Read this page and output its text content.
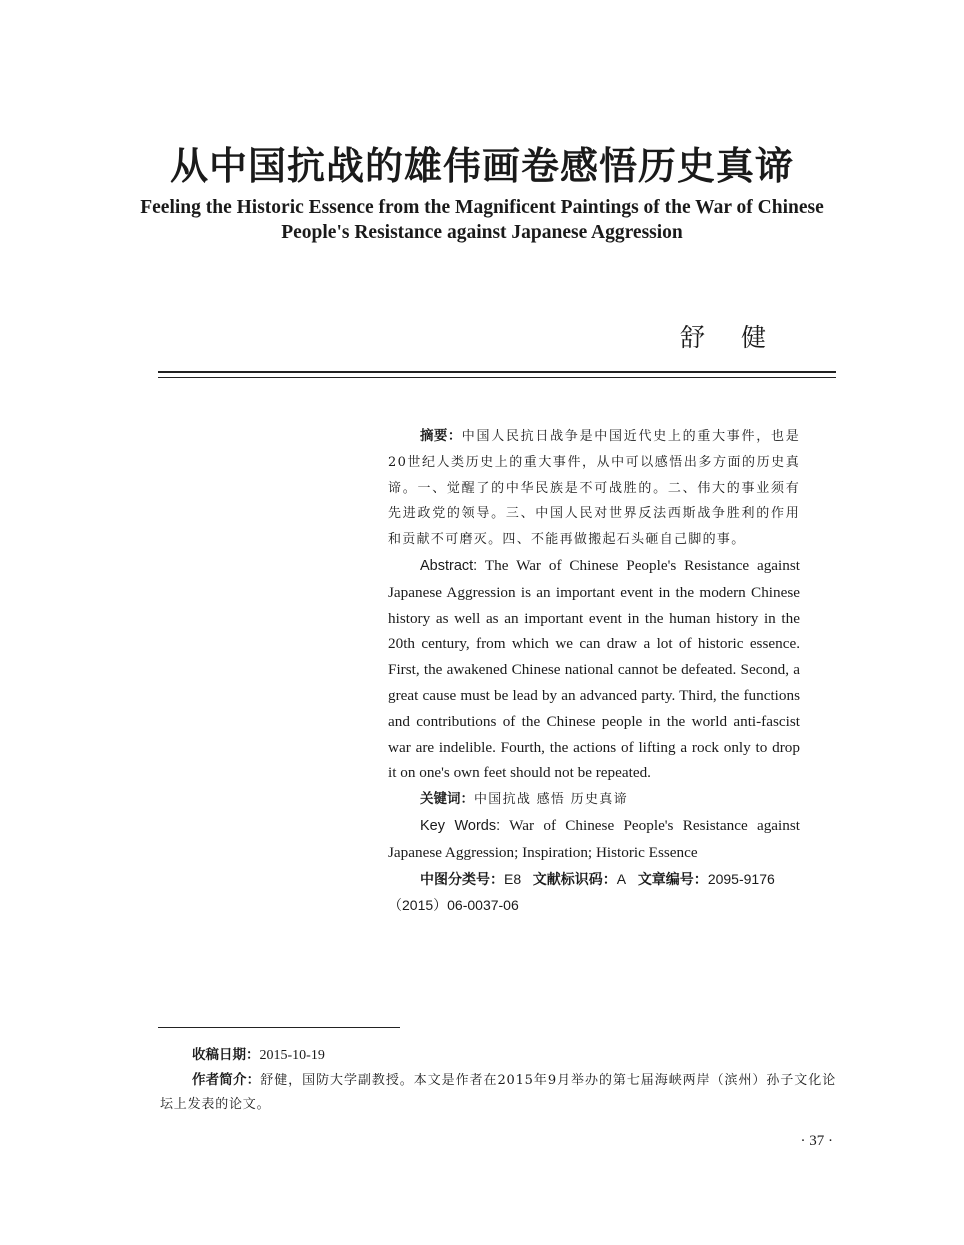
从中国抗战的雄伟画卷感悟历史真谛
Feeling the Historic Essence from the Magnificent Paintings of the War of Chinese People's Resistance against Japanese Aggression
舒 健

摘要：中国人民抗日战争是中国近代史上的重大事件，也是20世纪人类历史上的重大事件，从中可以感悟出多方面的历史真谛。一、觉醒了的中华民族是不可战胜的。二、伟大的事业须有先进政党的领导。三、中国人民对世界反法西斯战争胜利的作用和贡献不可磨灭。四、不能再做搬起石头砸自己脚的事。

Abstract: The War of Chinese People's Resistance against Japanese Aggression is an important event in the modern Chinese history as well as an important event in the human history in the 20th century, from which we can draw a lot of historic essence. First, the awakened Chinese national cannot be defeated. Second, a great cause must be lead by an advanced party. Third, the functions and contributions of the Chinese people in the world anti-fascist war are indelible. Fourth, the actions of lifting a rock only to drop it on one's own feet should not be repeated.

关键词：中国抗战 感悟 历史真谛

Key Words: War of Chinese People's Resistance against Japanese Aggression; Inspiration; Historic Essence

中图分类号：E8 文献标识码：A 文章编号：2095-9176（2015）06-0037-06

收稿日期：2015-10-19

作者简介：舒健，国防大学副教授。本文是作者在2015年9月举办的第七届海峡两岸（滨州）孙子文化论坛上发表的论文。

· 37 ·
